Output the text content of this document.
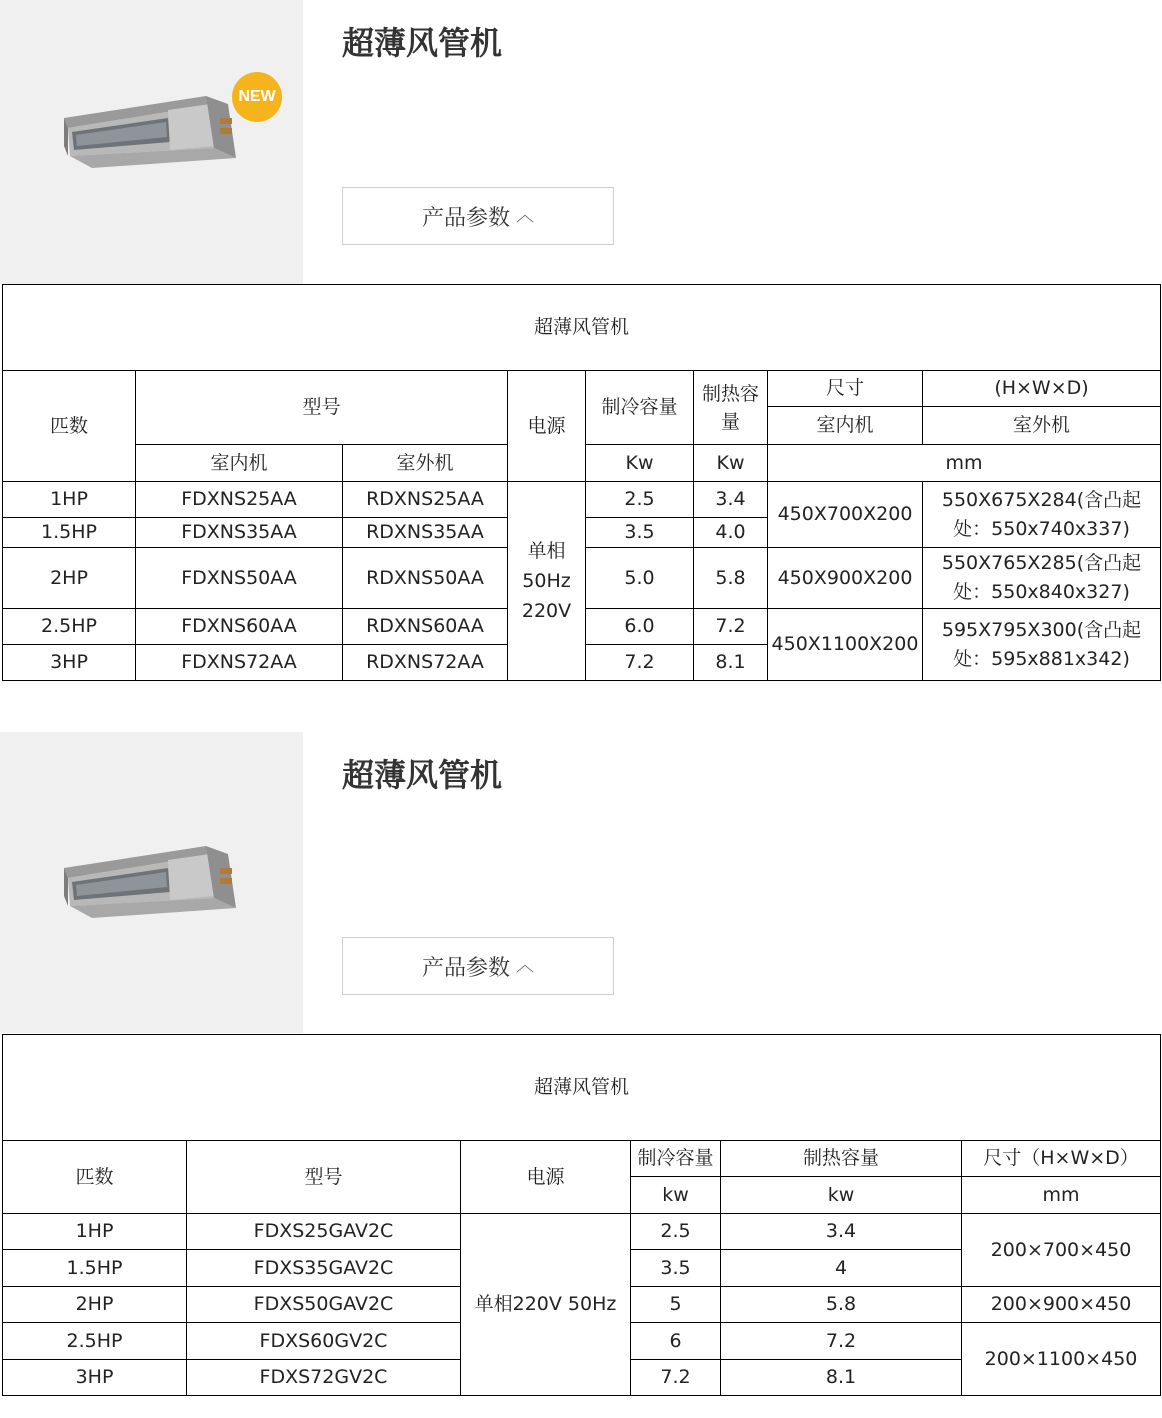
NEW
超薄风管机
产品参数 ︿
超薄风管机							
匹数	型号		电源	制冷容量	制热容量	尺寸	(H×W×D)
						室内机	室外机
	室内机	室外机		Kw	Kw	mm	
1HP	FDXNS25AA	RDXNS25AA	单相 50Hz 220V	2.5	3.4	450X700X200	550X675X284(含凸起处：550x740x337)
1.5HP	FDXNS35AA	RDXNS35AA		3.5	4.0		
2HP	FDXNS50AA	RDXNS50AA		5.0	5.8	450X900X200	550X765X285(含凸起处：550x840x327)
2.5HP	FDXNS60AA	RDXNS60AA		6.0	7.2	450X1100X200	595X795X300(含凸起处：595x881x342)
3HP	FDXNS72AA	RDXNS72AA		7.2	8.1		
超薄风管机
产品参数 ︿
超薄风管机					
匹数	型号	电源	制冷容量	制热容量	尺寸（H×W×D）
			kw	kw	mm
1HP	FDXS25GAV2C	单相220V 50Hz	2.5	3.4	200×700×450
1.5HP	FDXS35GAV2C		3.5	4	
2HP	FDXS50GAV2C		5	5.8	200×900×450
2.5HP	FDXS60GV2C		6	7.2	200×1100×450
3HP	FDXS72GV2C		7.2	8.1	
